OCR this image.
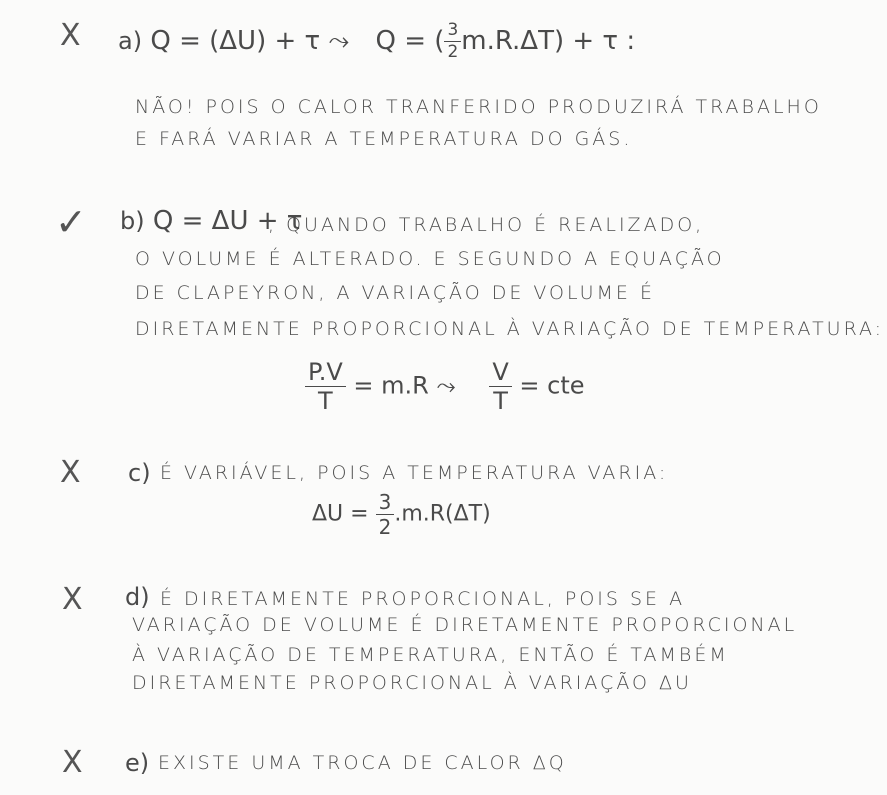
X a) Q = (ΔU) + τ ⤳ Q = ( $\frac{3}{2} m.R.\Delta T) + \tau$ :
NÃO! POIS O CALOR TRANFERIDO PRODUZIRÁ TRABALHO
E FARÁ VARIAR A TEMPERATURA DO GÁS.
✓ b) Q = ΔU + τ
, QUANDO TRABALHO É REALIZADO,
O VOLUME É ALTERADO. E SEGUNDO A EQUAÇÃO
DE CLAPEYRON, A VARIAÇÃO DE VOLUME É
DIRETAMENTE PROPORCIONAL À VARIAÇÃO DE TEMPERATURA:
$\frac{P.V}{T} = m.R$ ⤳ $\frac{V}{T}$ = cte
X c) É VARIÁVEL, POIS A TEMPERATURA VARIA:
$\Delta U = \frac{3}{2} .m.R(\Delta T)$
X d) É DIRETAMENTE PROPORCIONAL, POIS SE A
VARIAÇÃO DE VOLUME É DIRETAMENTE PROPORCIONAL
À VARIAÇÃO DE TEMPERATURA, ENTÃO É TAMBÉM
DIRETAMENTE PROPORCIONAL À VARIAÇÃO ΔU
X e) EXISTE UMA TROCA DE CALOR ΔQ
